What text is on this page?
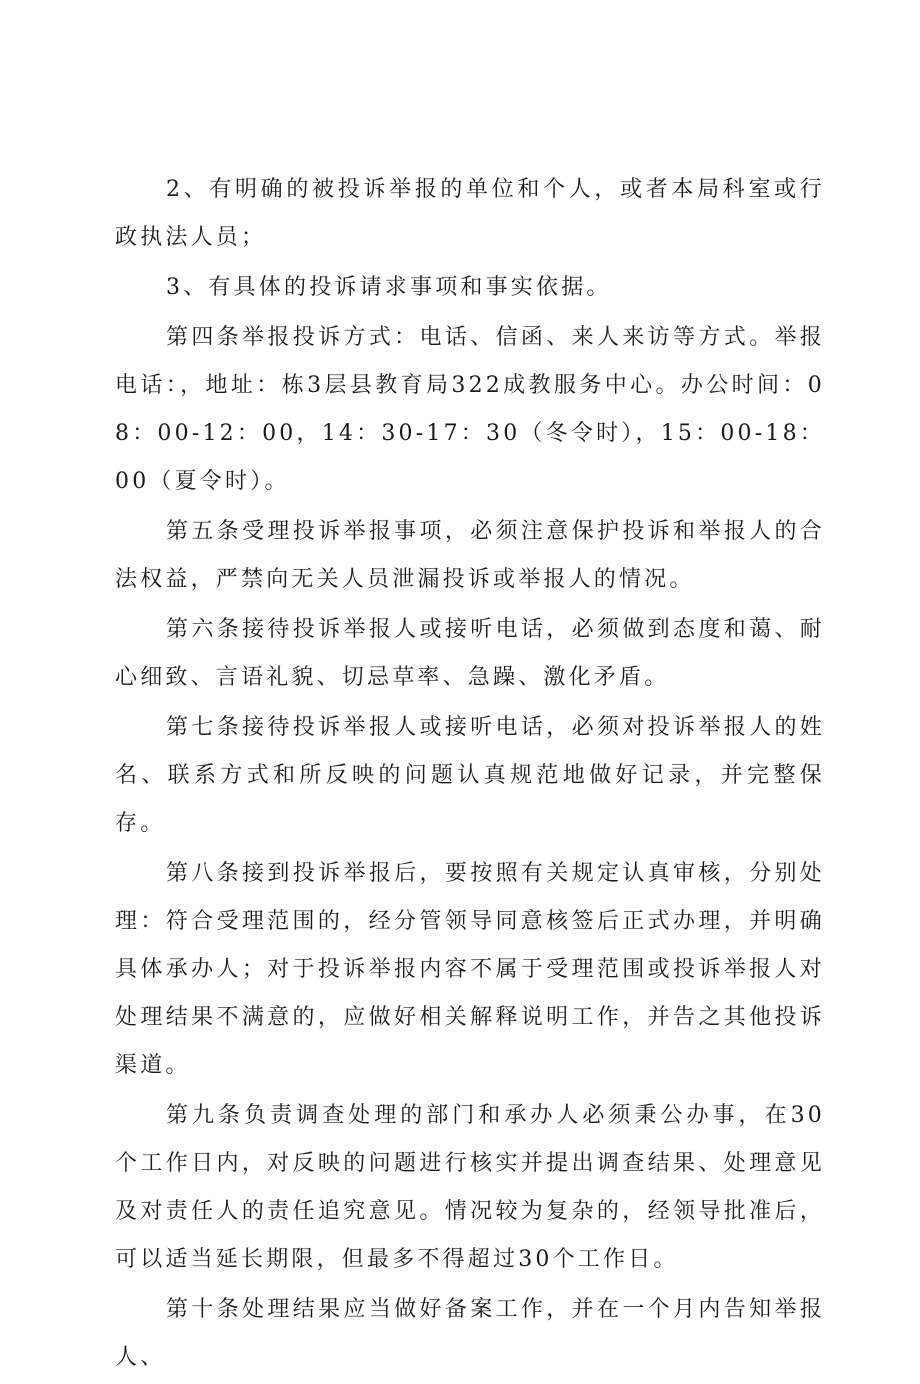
2、有明确的被投诉举报的单位和个人，或者本局科室或行政执法人员；

3、有具体的投诉请求事项和事实依据。

第四条举报投诉方式：电话、信函、来人来访等方式。举报电话：，地址：栋3层县教育局322成教服务中心。办公时间：08：00-12：00，14：30-17：30（冬令时），15：00-18：00（夏令时）。

第五条受理投诉举报事项，必须注意保护投诉和举报人的合法权益，严禁向无关人员泄漏投诉或举报人的情况。

第六条接待投诉举报人或接听电话，必须做到态度和蔼、耐心细致、言语礼貌、切忌草率、急躁、激化矛盾。

第七条接待投诉举报人或接听电话，必须对投诉举报人的姓名、联系方式和所反映的问题认真规范地做好记录，并完整保存。

第八条接到投诉举报后，要按照有关规定认真审核，分别处理：符合受理范围的，经分管领导同意核签后正式办理，并明确具体承办人；对于投诉举报内容不属于受理范围或投诉举报人对处理结果不满意的，应做好相关解释说明工作，并告之其他投诉渠道。

第九条负责调查处理的部门和承办人必须秉公办事，在30个工作日内，对反映的问题进行核实并提出调查结果、处理意见及对责任人的责任追究意见。情况较为复杂的，经领导批准后，可以适当延长期限，但最多不得超过30个工作日。

第十条处理结果应当做好备案工作，并在一个月内告知举报人、
